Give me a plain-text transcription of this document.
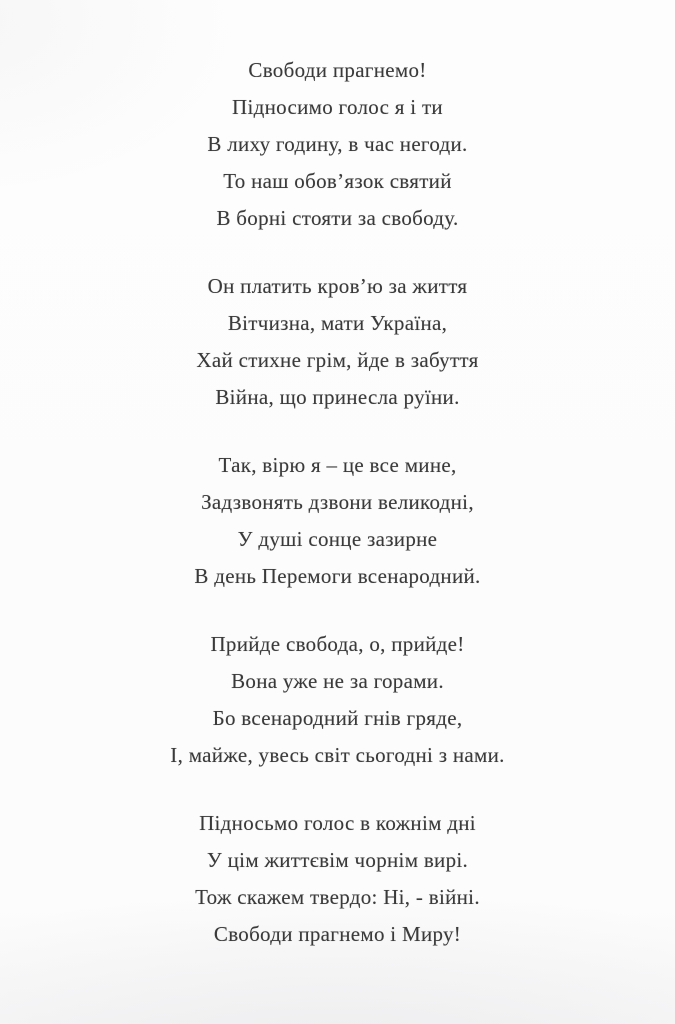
Свободи прагнемо!

Підносимо голос я і ти

В лиху годину, в час негоди.

То наш обов’язок святий

В борні стояти за свободу.

Он платить кров’ю за життя

Вітчизна, мати Україна,

Хай стихне грім, йде в забуття

Війна, що принесла руїни.

Так, вірю я – це все мине,

Задзвонять дзвони великодні,

У душі сонце зазирне

В день Перемоги всенародний.

Прийде свобода, о, прийде!

Вона уже не за горами.

Бо всенародний гнів гряде,

І, майже, увесь світ сьогодні з нами.

Підносьмо голос в кожнім дні

У цім життєвім чорнім вирі.

Тож скажем твердо: Ні, - війні.

Свободи прагнемо і Миру!
